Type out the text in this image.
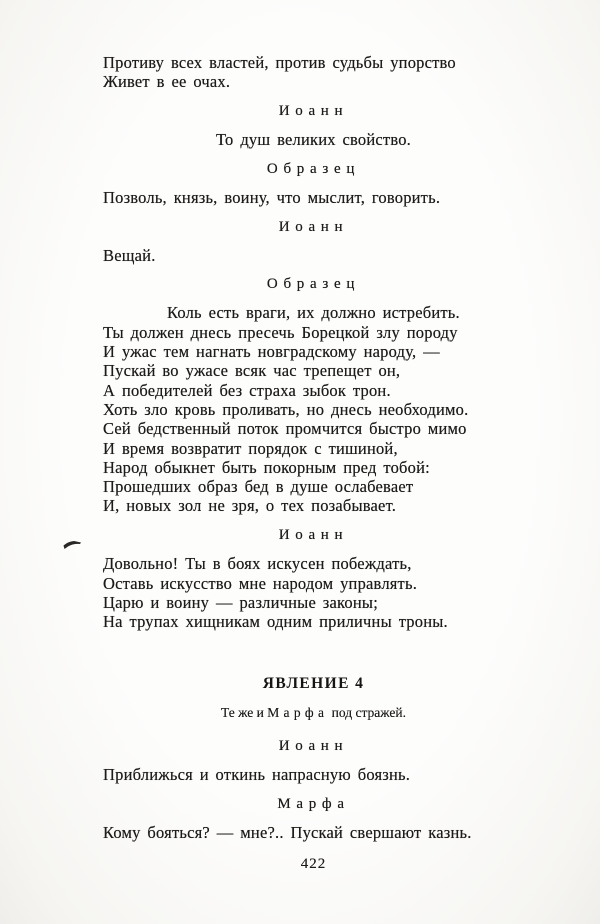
Противу всех властей, против судьбы упорство
Живет в ее очах.
Иоанн
То душ великих свойство.
Образец
Позволь, князь, воину, что мыслит, говорить.
Иоанн
Вещай.
Образец
Коль есть враги, их должно истребить.
Ты должен днесь пресечь Борецкой злу породу
И ужас тем нагнать новградскому народу, —
Пускай во ужасе всяк час трепещет он,
А победителей без страха зыбок трон.
Хоть зло кровь проливать, но днесь необходимо.
Сей бедственный поток промчится быстро мимо
И время возвратит порядок с тишиной,
Народ обыкнет быть покорным пред тобой:
Прошедших образ бед в душе ослабевает
И, новых зол не зря, о тех позабывает.
Иоанн
Довольно! Ты в боях искусен побеждать,
Оставь искусство мне народом управлять.
Царю и воину — различные законы;
На трупах хищникам одним приличны троны.
ЯВЛЕНИЕ 4
Те же и Марфа под стражей.
Иоанн
Приближься и откинь напрасную боязнь.
Марфа
Кому бояться? — мне?.. Пускай свершают казнь.
422
